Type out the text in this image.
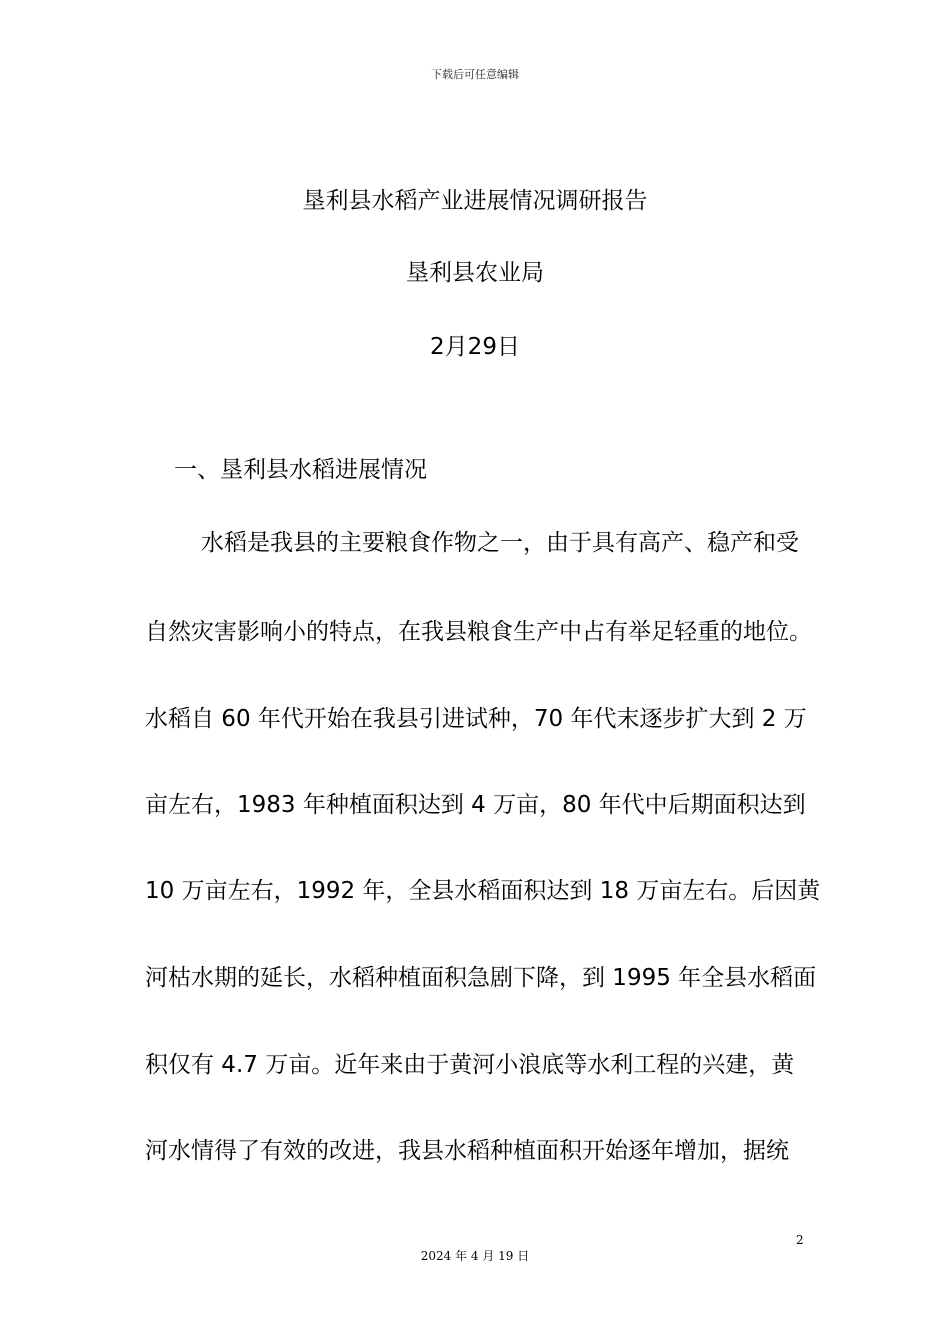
下载后可任意编辑
垦利县水稻产业进展情况调研报告
垦利县农业局
2月29日
一、垦利县水稻进展情况
水稻是我县的主要粮食作物之一，由于具有高产、稳产和受
自然灾害影响小的特点，在我县粮食生产中占有举足轻重的地位。
水稻自 60 年代开始在我县引进试种，70 年代末逐步扩大到 2 万
亩左右，1983 年种植面积达到 4 万亩，80 年代中后期面积达到
10 万亩左右，1992 年，全县水稻面积达到 18 万亩左右。后因黄
河枯水期的延长，水稻种植面积急剧下降，到 1995 年全县水稻面
积仅有 4.7 万亩。近年来由于黄河小浪底等水利工程的兴建，黄
河水情得了有效的改进，我县水稻种植面积开始逐年增加，据统
2
2024 年 4 月 19 日
